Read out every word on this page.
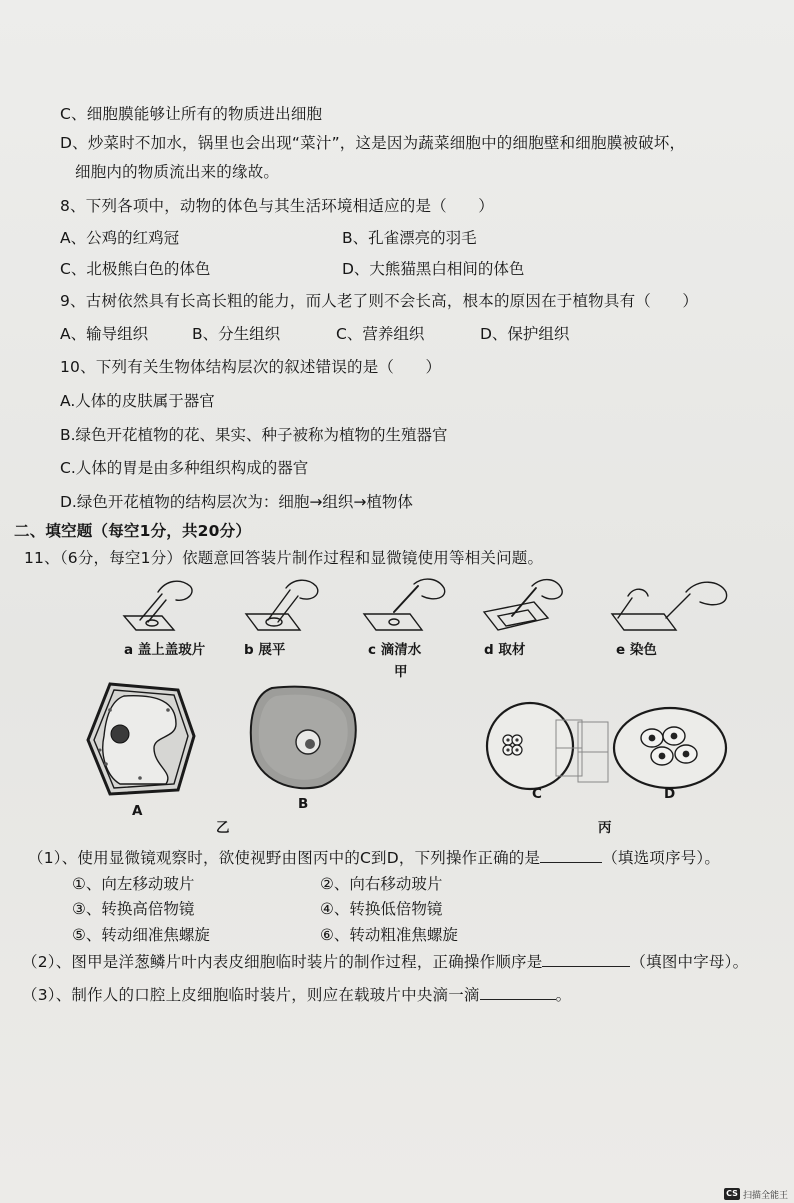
C、细胞膜能够让所有的物质进出细胞
D、炒菜时不加水，锅里也会出现“菜汁”，这是因为蔬菜细胞中的细胞壁和细胞膜被破坏，
细胞内的物质流出来的缘故。
8、下列各项中，动物的体色与其生活环境相适应的是（　　）
A、公鸡的红鸡冠	B、孔雀漂亮的羽毛
C、北极熊白色的体色	D、大熊猫黑白相间的体色
9、古树依然具有长高长粗的能力，而人老了则不会长高，根本的原因在于植物具有（　　）
A、输导组织	B、分生组织	C、营养组织	D、保护组织
10、下列有关生物体结构层次的叙述错误的是（　　）
A.人体的皮肤属于器官
B.绿色开花植物的花、果实、种子被称为植物的生殖器官
C.人体的胃是由多种组织构成的器官
D.绿色开花植物的结构层次为：细胞→组织→植物体
二、填空题（每空1分，共20分）
11、（6分，每空1分）依题意回答装片制作过程和显微镜使用等相关问题。
a 盖上盖玻片	b 展平	c 滴清水	d 取材	e 染色
甲
A	B
乙
C	D
丙
（1）、使用显微镜观察时，欲使视野由图丙中的C到D，下列操作正确的是	（填选项序号）。
①、向左移动玻片	②、向右移动玻片
③、转换高倍物镜	④、转换低倍物镜
⑤、转动细准焦螺旋	⑥、转动粗准焦螺旋
（2）、图甲是洋葱鳞片叶内表皮细胞临时装片的制作过程，正确操作顺序是	（填图中字母）。
（3）、制作人的口腔上皮细胞临时装片，则应在载玻片中央滴一滴	。
CS 扫描全能王
